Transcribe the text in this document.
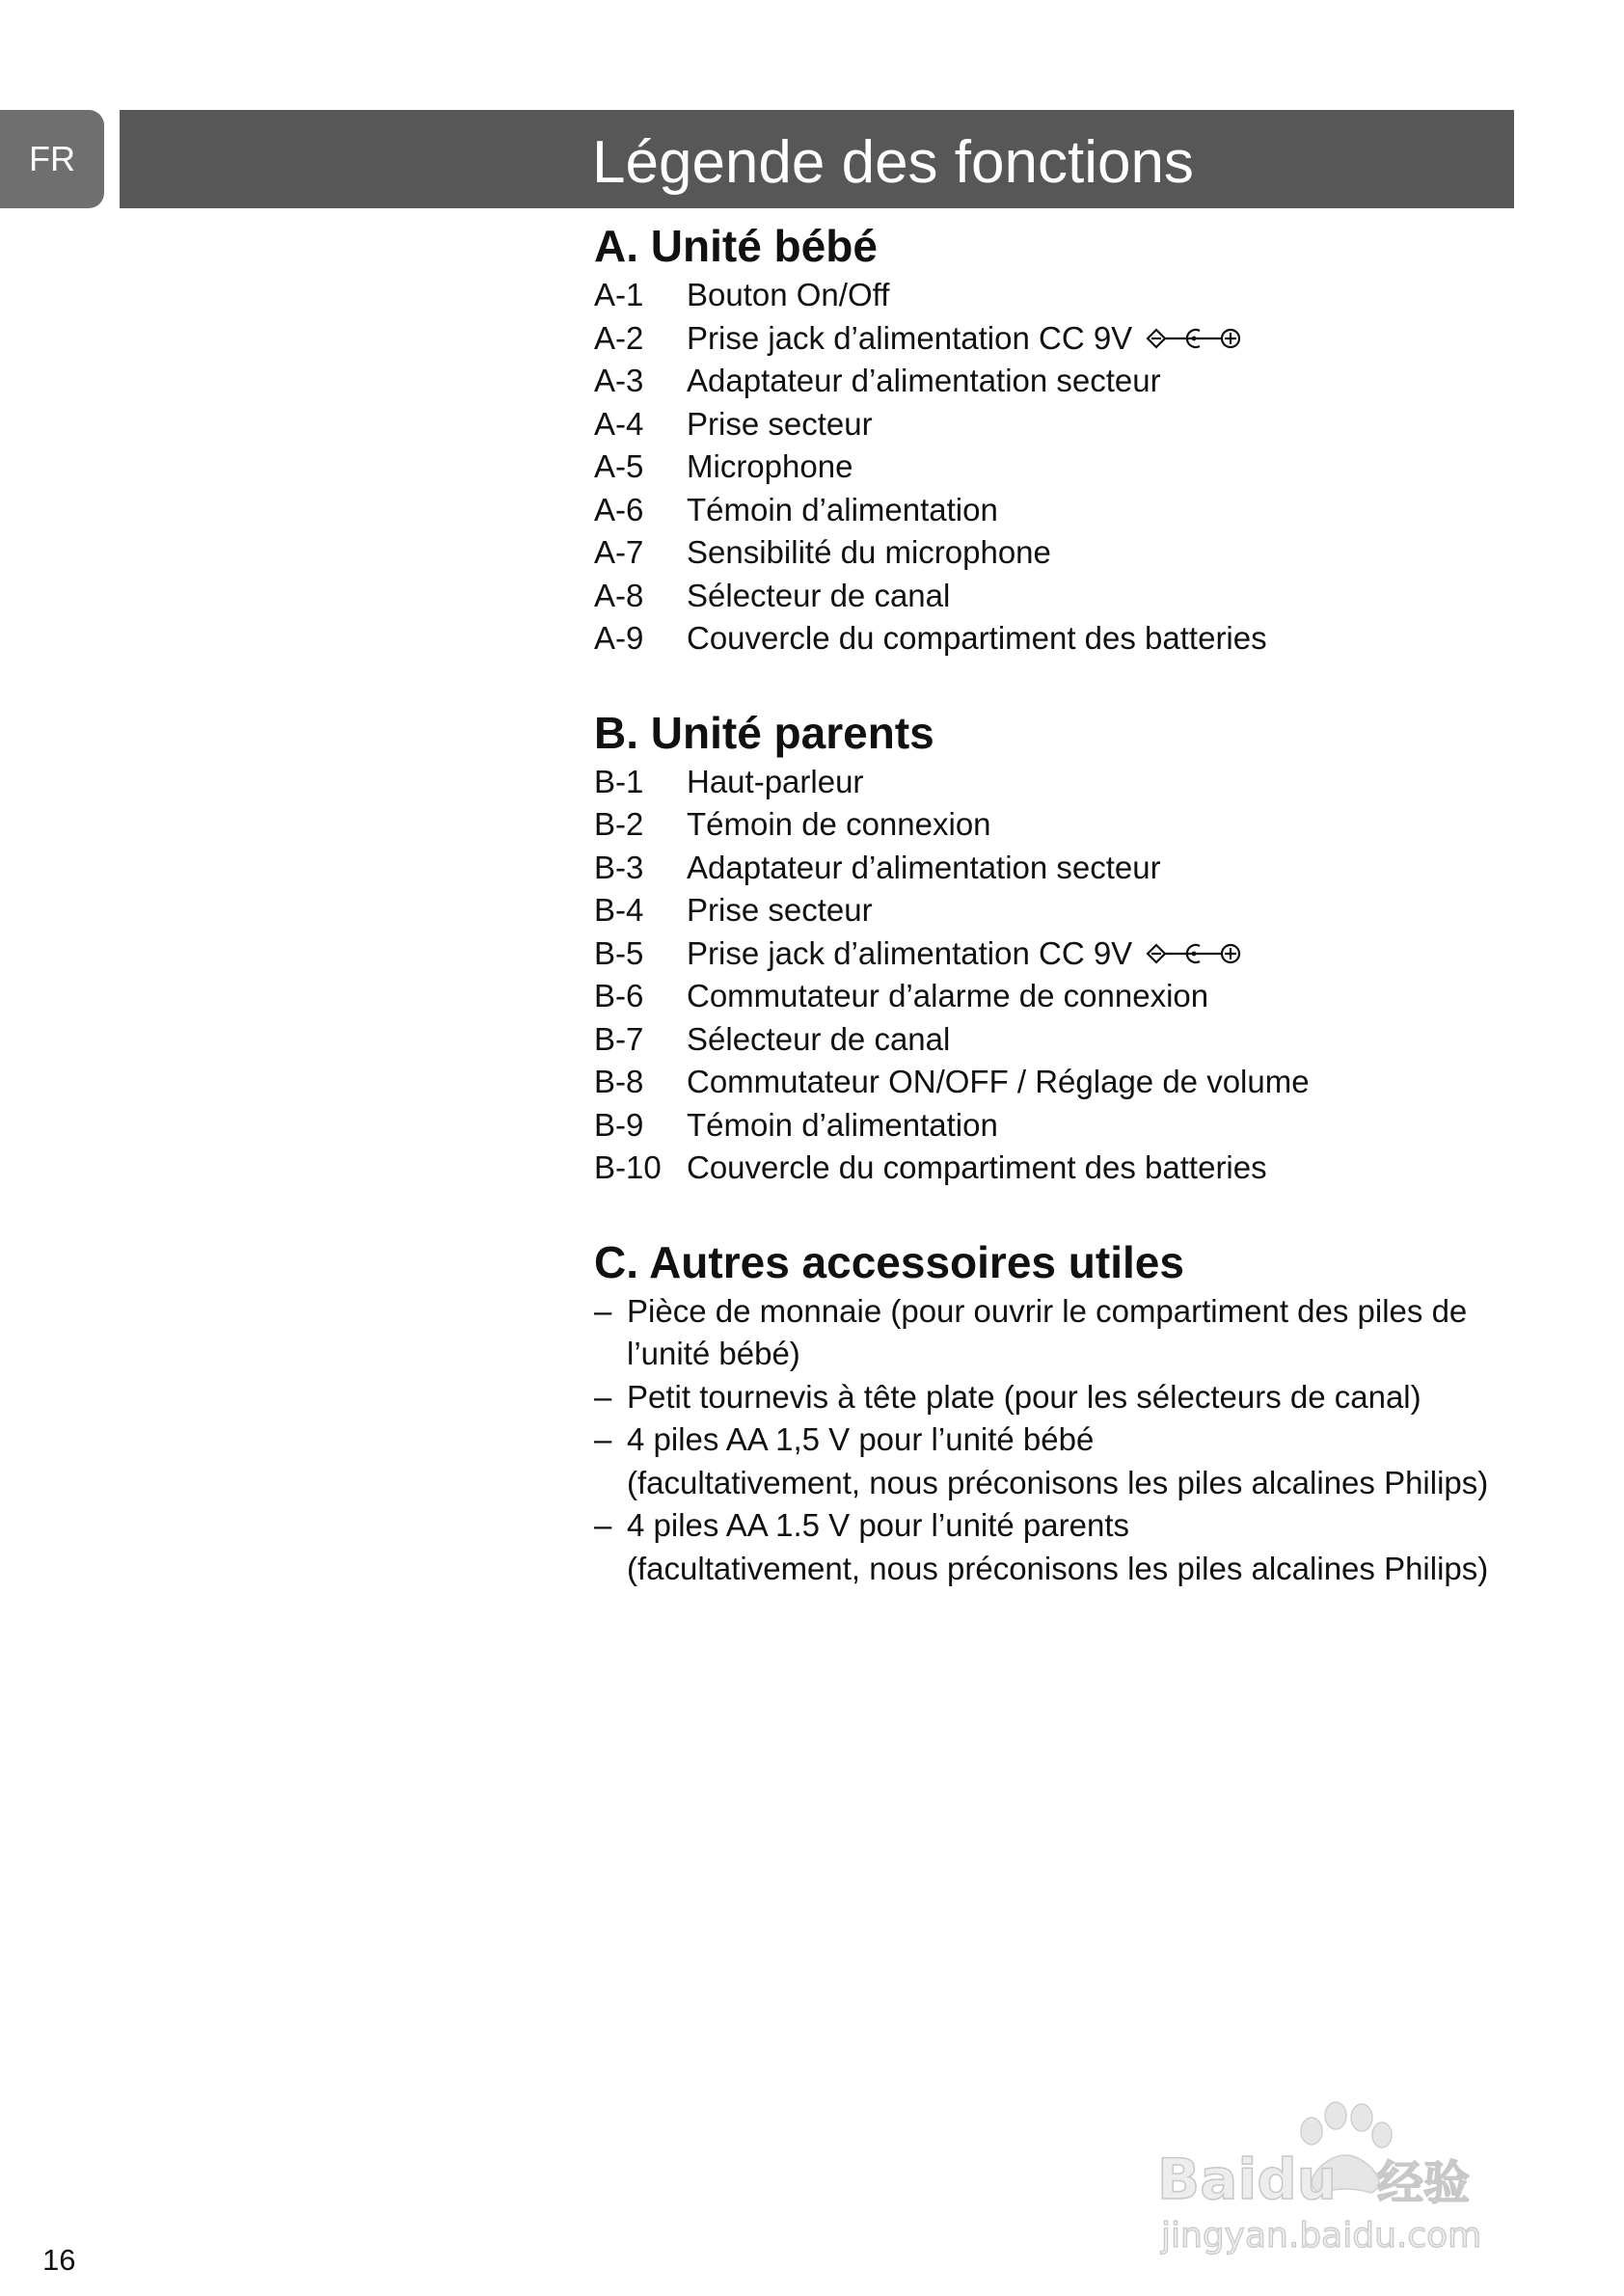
FR	Légende des fonctions
A. Unité bébé
A-1	Bouton On/Off
A-2	Prise jack d’alimentation CC 9V
A-3	Adaptateur d’alimentation secteur
A-4	Prise secteur
A-5	Microphone
A-6	Témoin d’alimentation
A-7	Sensibilité du microphone
A-8	Sélecteur de canal
A-9	Couvercle du compartiment des batteries
B. Unité parents
B-1	Haut-parleur
B-2	Témoin de connexion
B-3	Adaptateur d’alimentation secteur
B-4	Prise secteur
B-5	Prise jack d’alimentation CC 9V
B-6	Commutateur d’alarme de connexion
B-7	Sélecteur de canal
B-8	Commutateur ON/OFF / Réglage de volume
B-9	Témoin d’alimentation
B-10 Couvercle du compartiment des batteries
C. Autres accessoires utiles
– Pièce de monnaie (pour ouvrir le compartiment des piles de
l’unité bébé)
– Petit tournevis à tête plate (pour les sélecteurs de canal)
– 4 piles AA 1,5 V pour l’unité bébé
(facultativement, nous préconisons les piles alcalines Philips)
– 4 piles AA 1.5 V pour l’unité parents
(facultativement, nous préconisons les piles alcalines Philips)
Baidu 经验
jingyan.baidu.com
16
